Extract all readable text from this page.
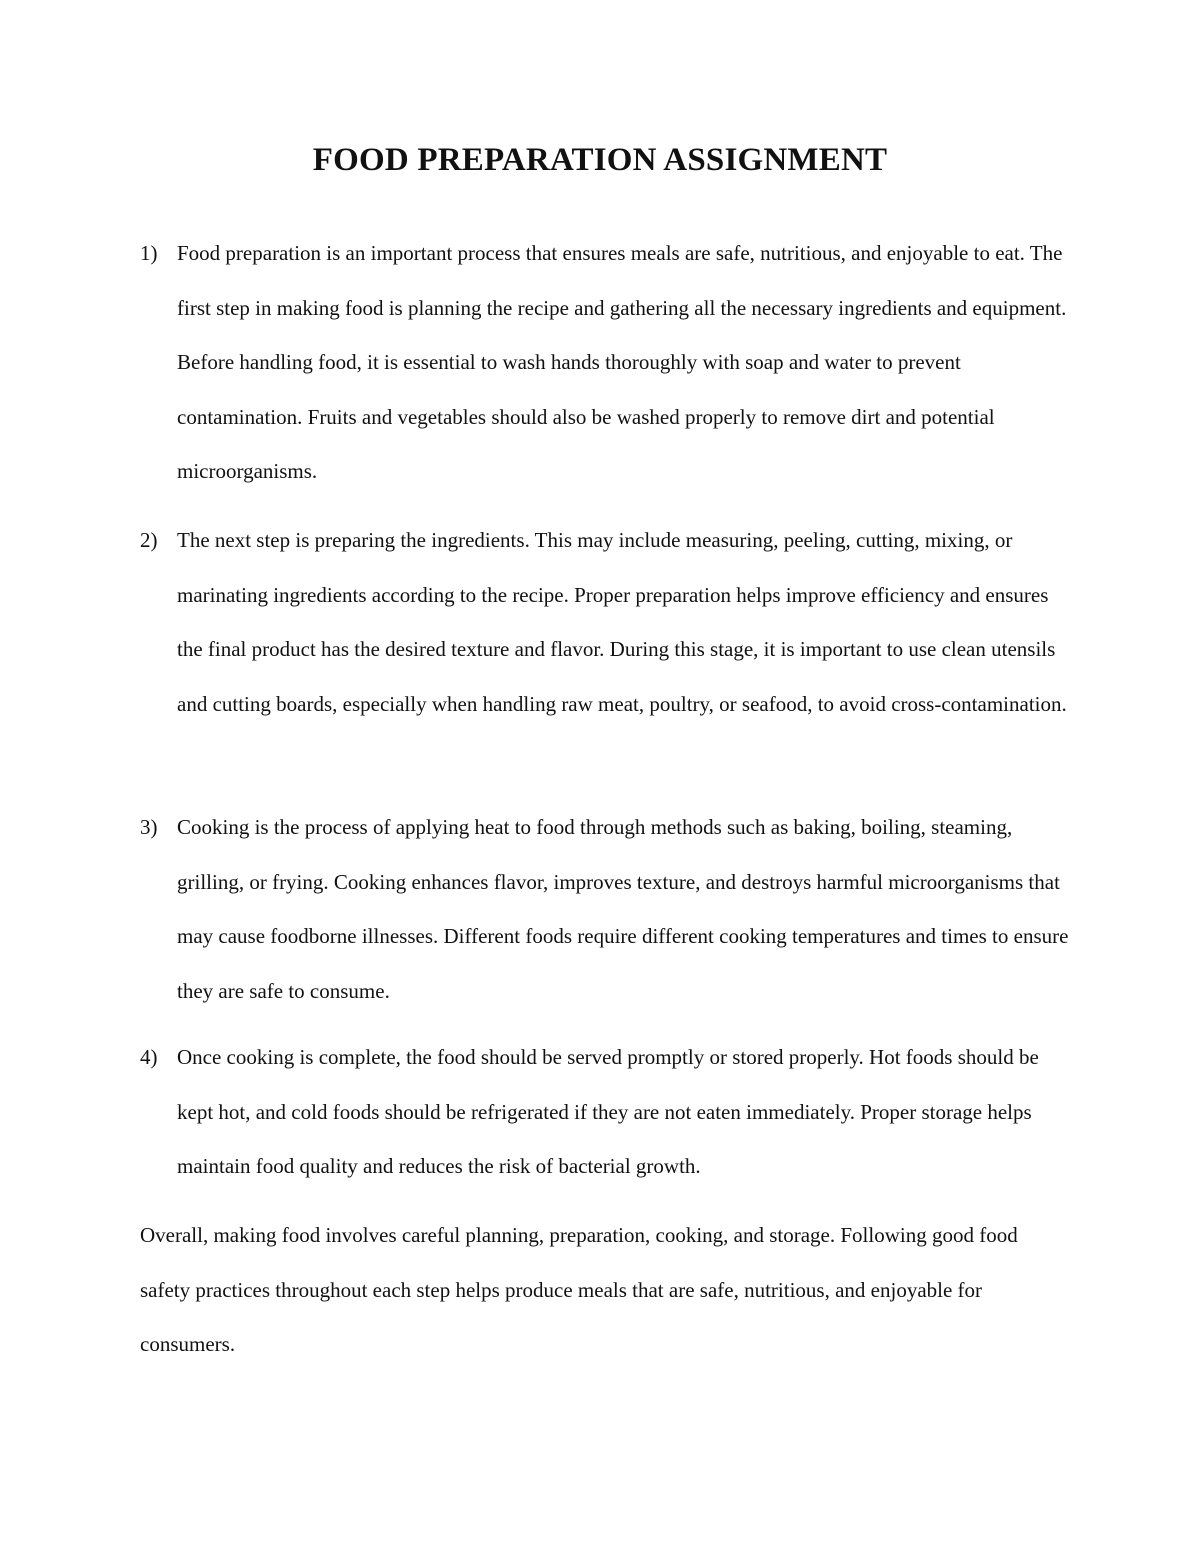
FOOD PREPARATION ASSIGNMENT
1) Food preparation is an important process that ensures meals are safe, nutritious, and enjoyable to eat. The first step in making food is planning the recipe and gathering all the necessary ingredients and equipment. Before handling food, it is essential to wash hands thoroughly with soap and water to prevent contamination. Fruits and vegetables should also be washed properly to remove dirt and potential microorganisms.
2) The next step is preparing the ingredients. This may include measuring, peeling, cutting, mixing, or marinating ingredients according to the recipe. Proper preparation helps improve efficiency and ensures the final product has the desired texture and flavor. During this stage, it is important to use clean utensils and cutting boards, especially when handling raw meat, poultry, or seafood, to avoid cross-contamination.
3) Cooking is the process of applying heat to food through methods such as baking, boiling, steaming, grilling, or frying. Cooking enhances flavor, improves texture, and destroys harmful microorganisms that may cause foodborne illnesses. Different foods require different cooking temperatures and times to ensure they are safe to consume.
4) Once cooking is complete, the food should be served promptly or stored properly. Hot foods should be kept hot, and cold foods should be refrigerated if they are not eaten immediately. Proper storage helps maintain food quality and reduces the risk of bacterial growth.
Overall, making food involves careful planning, preparation, cooking, and storage. Following good food safety practices throughout each step helps produce meals that are safe, nutritious, and enjoyable for consumers.
